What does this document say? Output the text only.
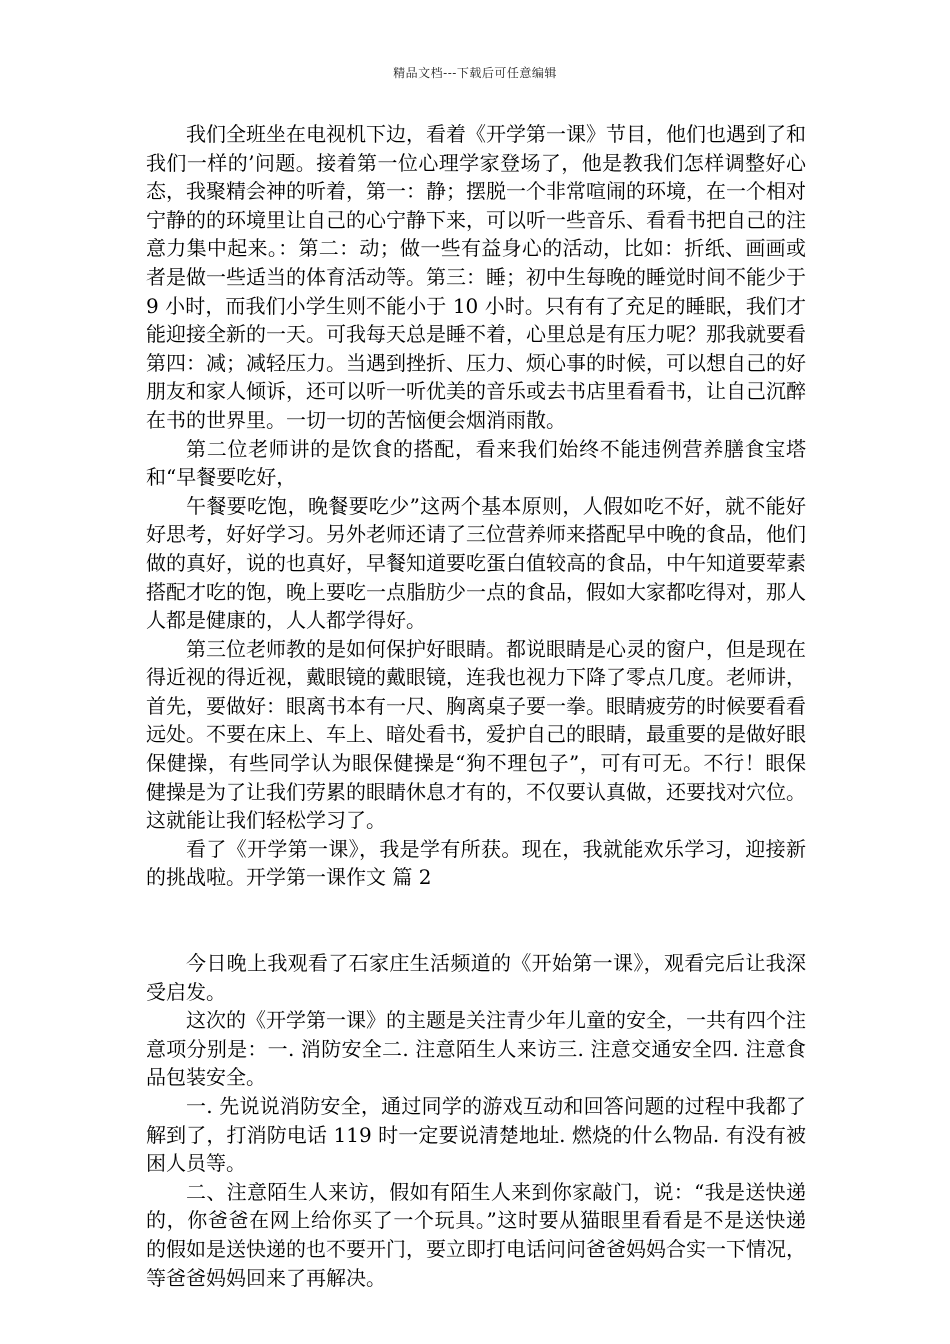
精品文档---下载后可任意编辑

我们全班坐在电视机下边，看着《开学第一课》节目，他们也遇到了和我们一样的’问题。接着第一位心理学家登场了，他是教我们怎样调整好心态，我聚精会神的听着，第一：静；摆脱一个非常喧闹的环境，在一个相对宁静的的环境里让自己的心宁静下来，可以听一些音乐、看看书把自己的注意力集中起来。：第二：动；做一些有益身心的活动，比如：折纸、画画或者是做一些适当的体育活动等。第三：睡；初中生每晚的睡觉时间不能少于 9 小时，而我们小学生则不能小于 10 小时。只有有了充足的睡眠，我们才能迎接全新的一天。可我每天总是睡不着，心里总是有压力呢？那我就要看第四：减；减轻压力。当遇到挫折、压力、烦心事的时候，可以想自己的好朋友和家人倾诉，还可以听一听优美的音乐或去书店里看看书，让自己沉醉在书的世界里。一切一切的苦恼便会烟消雨散。

第二位老师讲的是饮食的搭配，看来我们始终不能违例营养膳食宝塔和“早餐要吃好，

午餐要吃饱，晚餐要吃少”这两个基本原则，人假如吃不好，就不能好好思考，好好学习。另外老师还请了三位营养师来搭配早中晚的食品，他们做的真好，说的也真好，早餐知道要吃蛋白值较高的食品，中午知道要荤素搭配才吃的饱，晚上要吃一点脂肪少一点的食品，假如大家都吃得对，那人人都是健康的，人人都学得好。

第三位老师教的是如何保护好眼睛。都说眼睛是心灵的窗户，但是现在得近视的得近视，戴眼镜的戴眼镜，连我也视力下降了零点几度。老师讲，首先，要做好：眼离书本有一尺、胸离桌子要一拳。眼睛疲劳的时候要看看远处。不要在床上、车上、暗处看书，爱护自己的眼睛，最重要的是做好眼保健操，有些同学认为眼保健操是“狗不理包子”，可有可无。不行！眼保健操是为了让我们劳累的眼睛休息才有的，不仅要认真做，还要找对穴位。这就能让我们轻松学习了。

看了《开学第一课》，我是学有所获。现在，我就能欢乐学习，迎接新的挑战啦。开学第一课作文 篇 2

今日晚上我观看了石家庄生活频道的《开始第一课》，观看完后让我深受启发。

这次的《开学第一课》的主题是关注青少年儿童的安全，一共有四个注意项分别是：一. 消防安全二. 注意陌生人来访三. 注意交通安全四. 注意食品包装安全。

一. 先说说消防安全，通过同学的游戏互动和回答问题的过程中我都了解到了，打消防电话 119 时一定要说清楚地址. 燃烧的什么物品. 有没有被困人员等。

二、注意陌生人来访，假如有陌生人来到你家敲门，说：“我是送快递的，你爸爸在网上给你买了一个玩具。”这时要从猫眼里看看是不是送快递的假如是送快递的也不要开门，要立即打电话问问爸爸妈妈合实一下情况，等爸爸妈妈回来了再解决。
